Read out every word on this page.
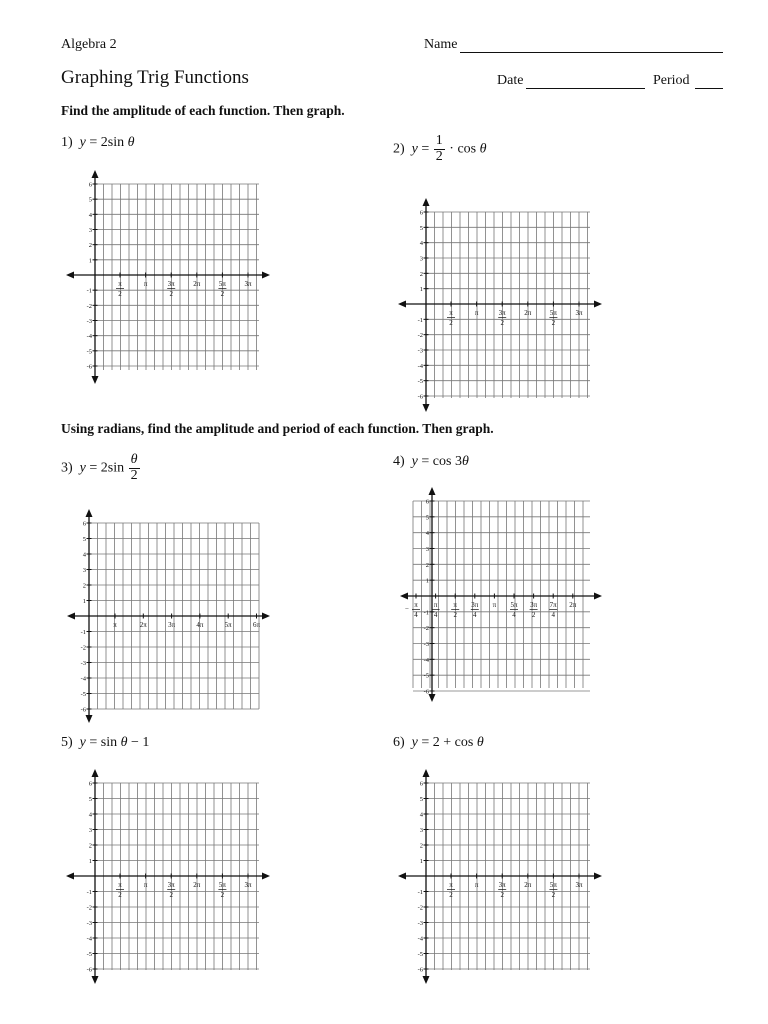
Algebra 2
Graphing Trig Functions
Name
Date	Period
Find the amplitude of each function. Then graph.
Using radians, find the amplitude and period of each function. Then graph.
1) y = 2sin θ	2) $y = \frac{1}{2} \cdot \cos \theta$
3) $y = 2\sin \frac{\theta}{2}$	4) y = cos 3θ
5) y = sin θ − 1	6) y = 2 + cos θ
6
5
4
3
2
1
-1
-2
-3
-4
-5
-6
π
2
π	3π
2
2π	5π
2
3π
6
5
4
3
2
1
-1
-2
-3
-4
-5
-6
π
2
π	3π
2
2π	5π
2
3π
6
5
4
3
2
1
-1
-2
-3
-4
-5
-6
π	2π	3π	4π	5π	6π
6
5
4
3
2
1
-1
-2
-3
-4
-5
-6
π
4
−	π
4
π
2
3π
4
π 5π
4
3π
2
7π
4
2π
6
5
4
3
2
1
-1
-2
-3
-4
-5
-6
π
2
π	3π
2
2π	5π
2
3π
6
5
4
3
2
1
-1
-2
-3
-4
-5
-6
π
2
π	3π
2
2π	5π
2
3π
